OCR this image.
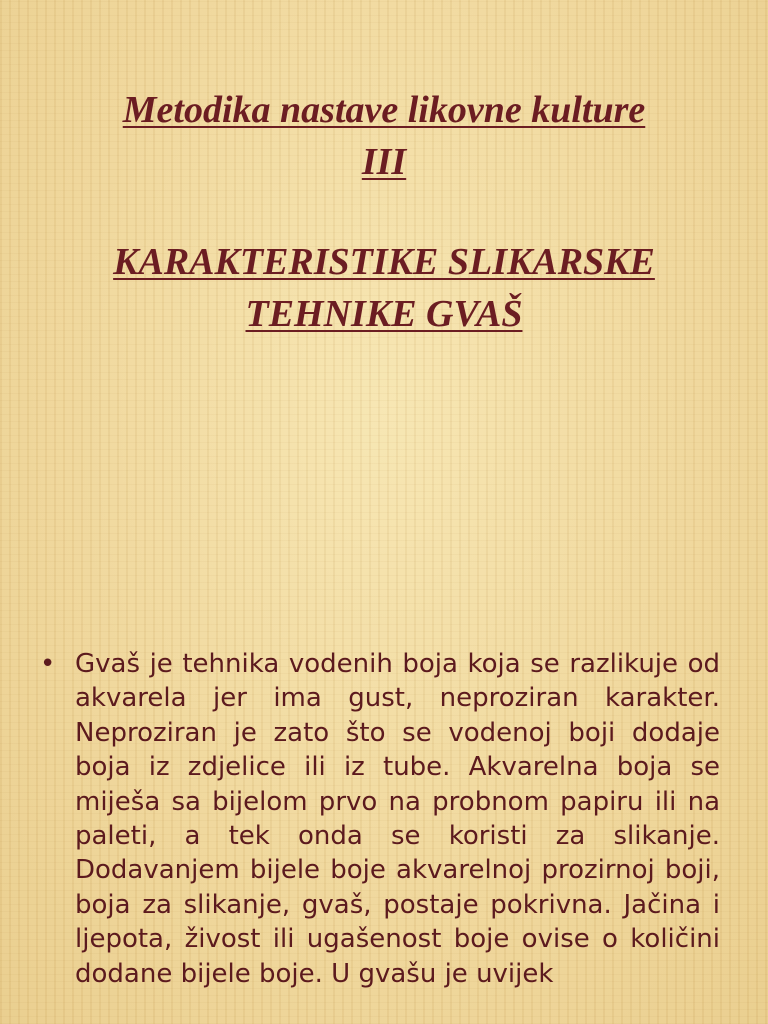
Metodika nastave likovne kulture
III
KARAKTERISTIKE SLIKARSKE
TEHNIKE GVAŠ
• Gvaš je tehnika vodenih boja koja se razlikuje od akvarela jer ima gust, neproziran karakter. Neproziran je zato što se vodenoj boji dodaje boja iz zdjelice ili iz tube. Akvarelna boja se miješa sa bijelom prvo na probnom papiru ili na paleti, a tek onda se koristi za slikanje. Dodavanjem bijele boje akvarelnoj prozirnoj boji, boja za slikanje, gvaš, postaje pokrivna. Jačina i ljepota, živost ili ugašenost boje ovise o količini dodane bijele boje. U gvašu je uvijek
